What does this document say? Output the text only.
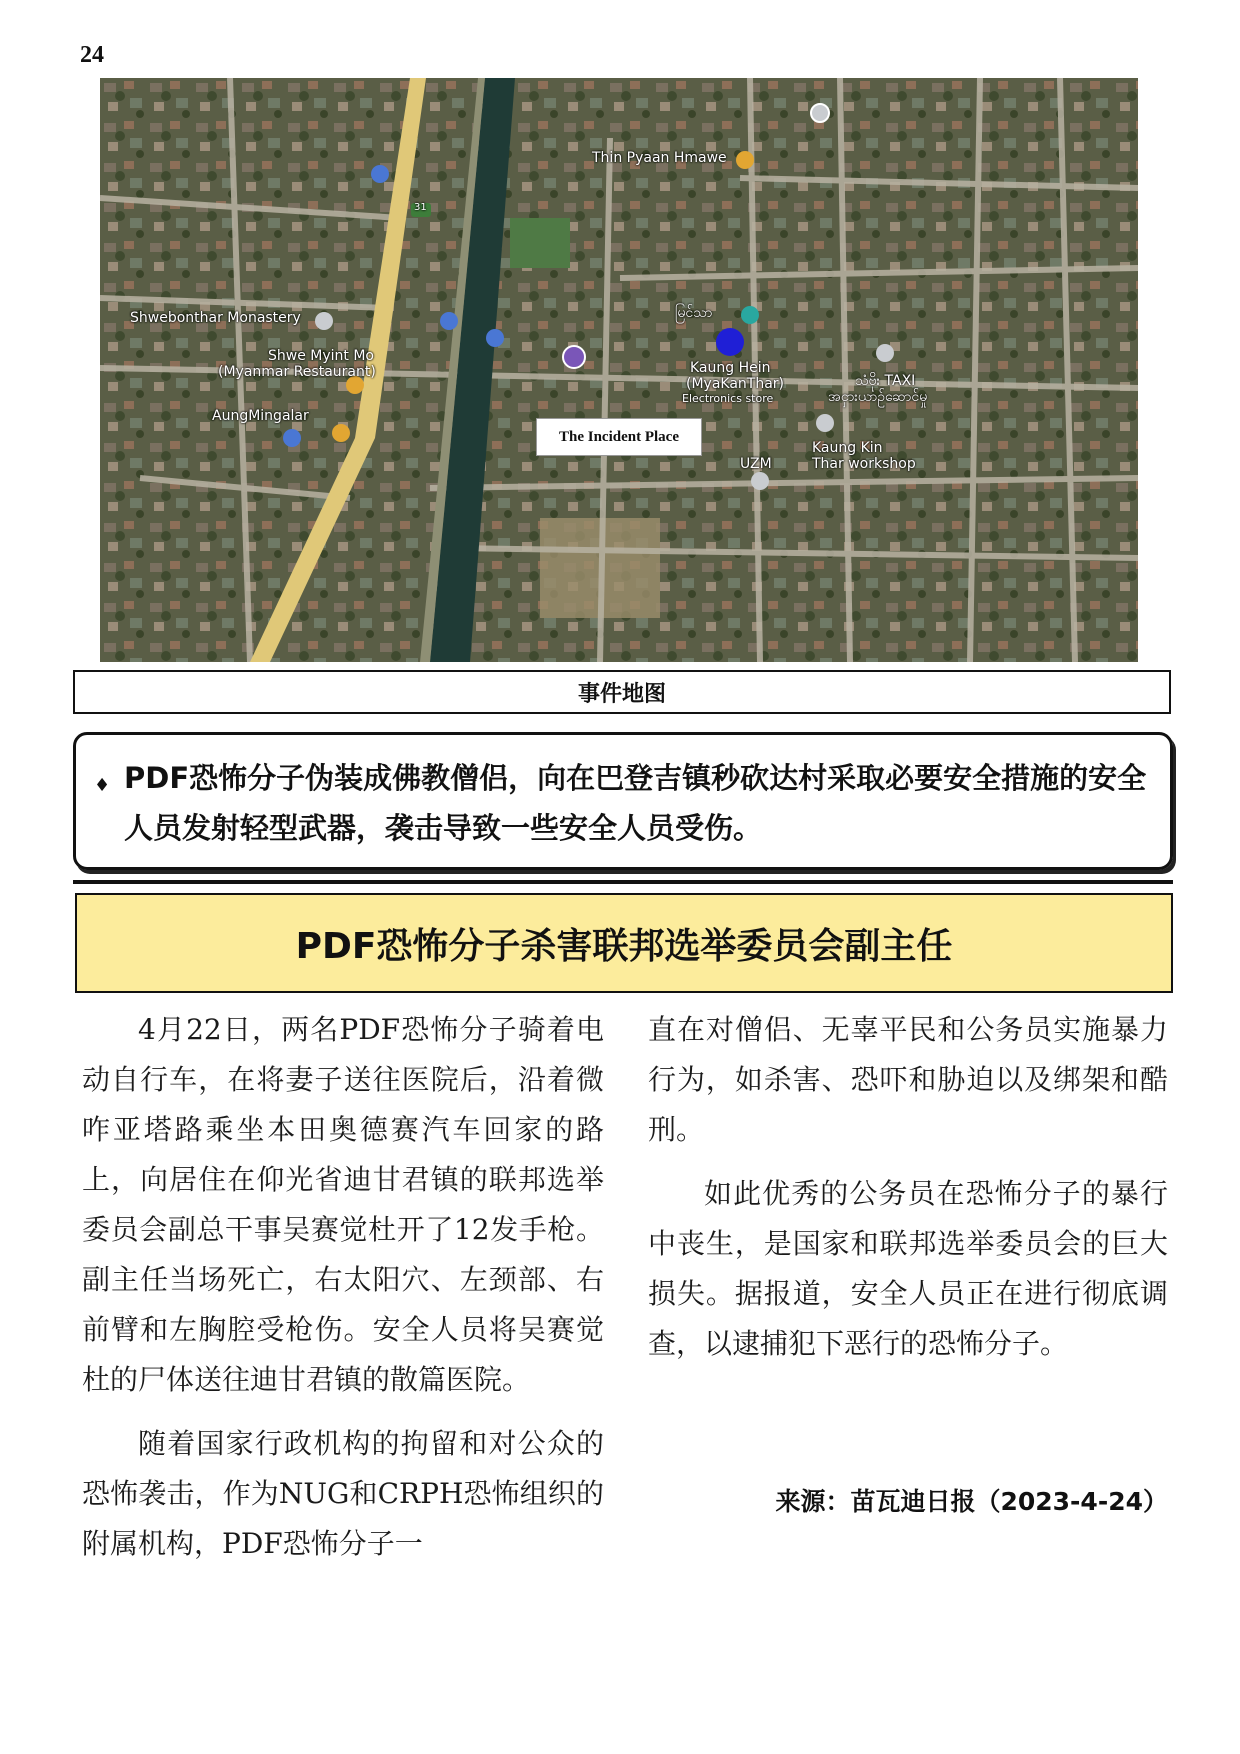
24
Thin Pyaan Hmawe
Shwebonthar Monastery
Shwe Myint Mo
(Myanmar Restaurant)
AungMingalar
Kaung Hein
(MyaKanThar)
Electronics store
မြင်သာ
သံဗိုး TAXI
အငှားယာဉ်ဆောင်မှု
Kaung Kin
Thar workshop
UZM
31
The Incident Place
事件地图
♦ PDF恐怖分子伪装成佛教僧侣，向在巴登吉镇秒砍达村采取必要安全措施的安全人员发射轻型武器，袭击导致一些安全人员受伤。
PDF恐怖分子杀害联邦选举委员会副主任

4月22日，两名PDF恐怖分子骑着电动自行车，在将妻子送往医院后，沿着微咋亚塔路乘坐本田奥德赛汽车回家的路上，向居住在仰光省迪甘君镇的联邦选举委员会副总干事吴赛觉杜开了12发手枪。副主任当场死亡，右太阳穴、左颈部、右前臂和左胸腔受枪伤。安全人员将吴赛觉杜的尸体送往迪甘君镇的散篇医院。

随着国家行政机构的拘留和对公众的恐怖袭击，作为NUG和CRPH恐怖组织的附属机构，PDF恐怖分子一

直在对僧侣、无辜平民和公务员实施暴力行为，如杀害、恐吓和胁迫以及绑架和酷刑。

如此优秀的公务员在恐怖分子的暴行中丧生，是国家和联邦选举委员会的巨大损失。据报道，安全人员正在进行彻底调查，以逮捕犯下恶行的恐怖分子。

来源：苗瓦迪日报（2023-4-24）
